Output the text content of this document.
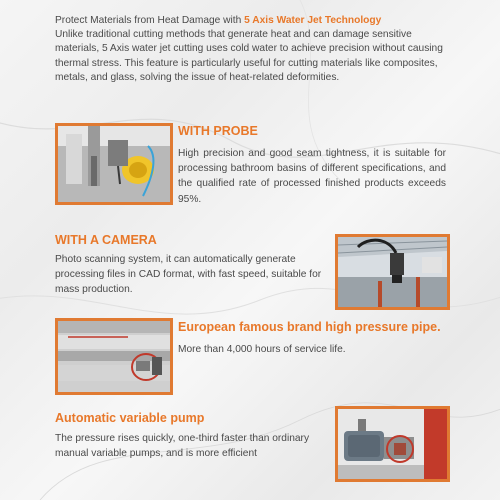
Protect Materials from Heat Damage with 5 Axis Water Jet Technology
Unlike traditional cutting methods that generate heat and can damage sensitive materials, 5 Axis water jet cutting uses cold water to achieve precision without causing thermal stress. This feature is particularly useful for cutting materials like composites, metals, and glass, solving the issue of heat-related deformities.
WITH PROBE
High precision and good seam tightness, it is suitable for processing bathroom basins of different specifications, and the qualified rate of processed finished products exceeds 95%.
WITH A CAMERA
Photo scanning system, it can automatically generate processing files in CAD format, with fast speed, suitable for mass production.
European famous brand high pressure pipe.
More than 4,000 hours of service life.
Automatic variable pump
The pressure rises quickly, one-third faster than ordinary manual variable pumps, and is more efficient
